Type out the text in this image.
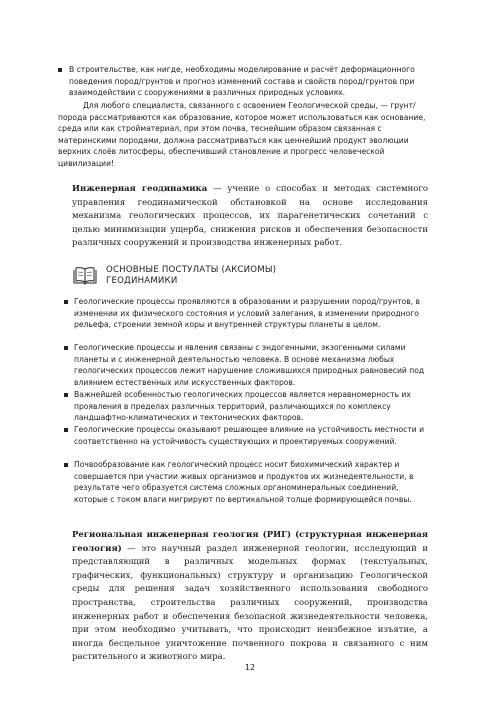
В строительстве, как нигде, необходимы моделирование и расчёт деформационного поведения пород/грунтов и прогноз изменений состава и свойств пород/грунтов при взаимодействии с сооружениями в различных природных условиях.
Для любого специалиста, связанного с освоением Геологической среды, — грунт/порода рассматриваются как образование, которое может использоваться как основание, среда или как стройматериал, при этом почва, теснейшим образом связанная с материнскими породами, должна рассматриваться как ценнейший продукт эволюции верхних слоёв литосферы, обеспечивший становление и прогресс человеческой цивилизации!
Инженерная геодинамика — учение о способах и методах системного управления геодинамической обстановкой на основе исследования механизма геологических процессов, их парагенетических сочетаний с целью минимизации ущерба, снижения рисков и обеспечения безопасности различных сооружений и производства инженерных работ.
ОСНОВНЫЕ ПОСТУЛАТЫ (АКСИОМЫ)
ГЕОДИНАМИКИ
Геологические процессы проявляются в образовании и разрушении пород/грунтов, в изменении их физического состояния и условий залегания, в изменении природного рельефа, строении земной коры и внутренней структуры планеты в целом.
Геологические процессы и явления связаны с эндогенными, экзогенными силами планеты и с инженерной деятельностью человека. В основе механизма любых геологических процессов лежит нарушение сложившихся природных равновесий под влиянием естественных или искусственных факторов.
Важнейшей особенностью геологических процессов является неравномерность их проявления в пределах различных территорий, различающихся по комплексу ландшафтно-климатических и тектонических факторов.
Геологические процессы оказывают решающее влияние на устойчивость местности и соответственно на устойчивость существующих и проектируемых сооружений.
Почвообразование как геологический процесс носит биохимический характер и совершается при участии живых организмов и продуктов их жизнедеятельности, в результате чего образуется система сложных органоминеральных соединений, которые с током влаги мигрируют по вертикальной толще формирующейся почвы.
Региональная инженерная геология (РИГ) (структурная инженерная геология) — это научный раздел инженерной геологии, исследующий и представляющий в различных модельных формах (текстуальных, графических, функциональных) структуру и организацию Геологической среды для решения задач хозяйственного использования свободного пространства, строительства различных сооружений, производства инженерных работ и обеспечения безопасной жизнедеятельности человека, при этом необходимо учитывать, что происходит неизбежное изъятие, а иногда бесцельное уничтожение почвенного покрова и связанного с ним растительного и животного мира.
12
